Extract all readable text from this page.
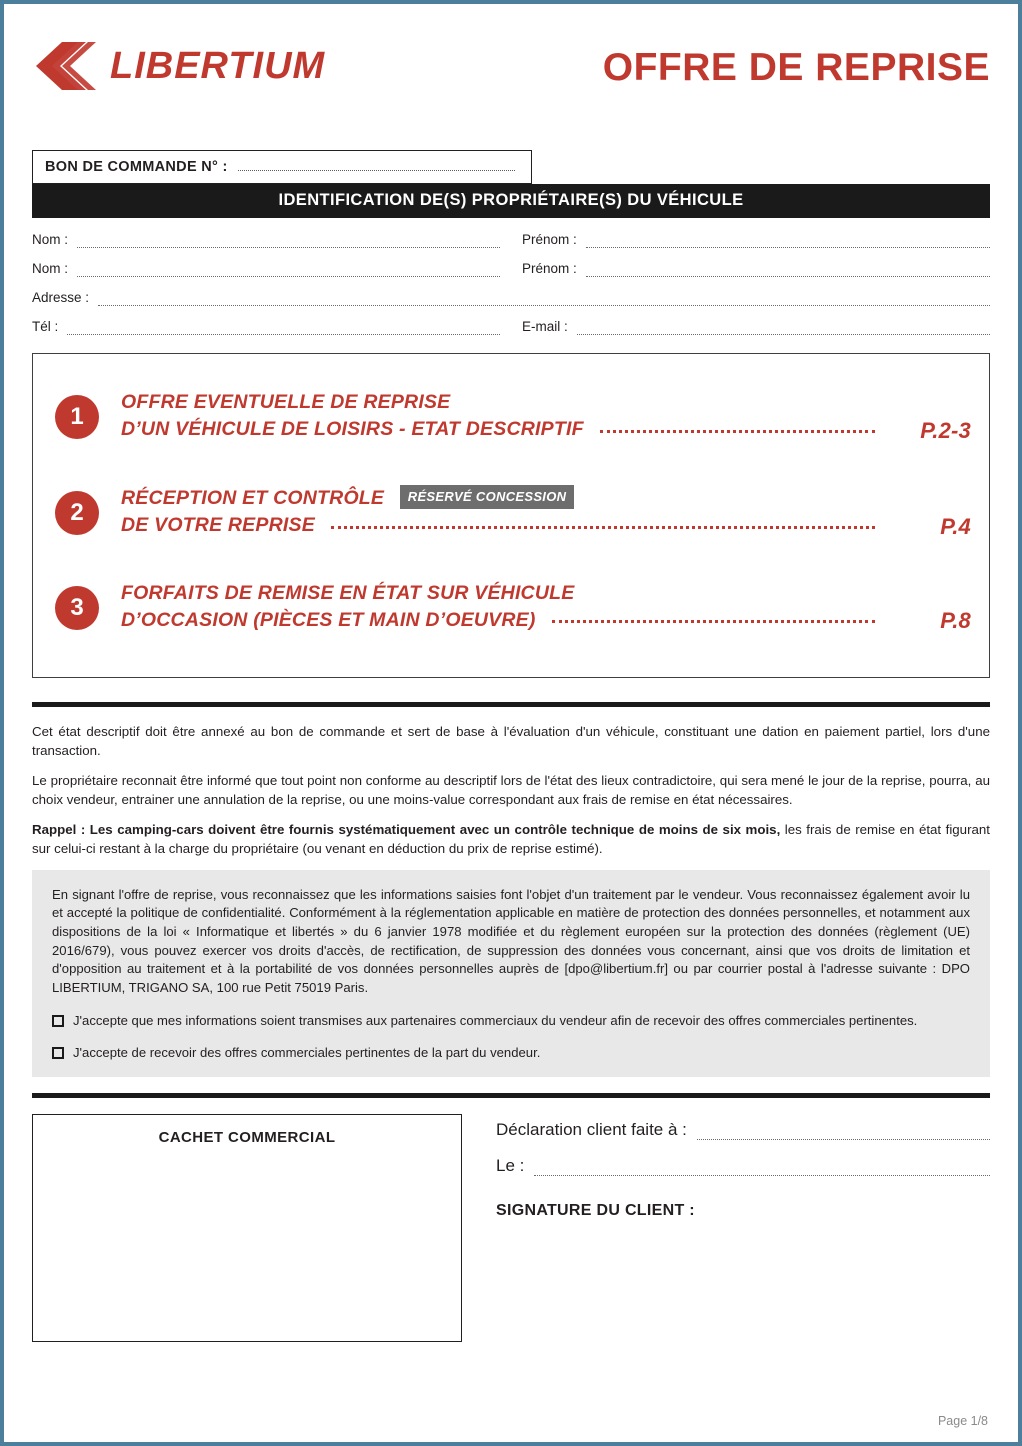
LIBERTIUM	OFFRE DE REPRISE
BON DE COMMANDE N° :
IDENTIFICATION DE(S) PROPRIÉTAIRE(S) DU VÉHICULE
Nom :	Prénom :
Nom :	Prénom :
Adresse :
Tél :	E-mail :
1
OFFRE EVENTUELLE DE REPRISE
D’UN VÉHICULE DE LOISIRS - ETAT DESCRIPTIF	P.2-3
2
RÉCEPTION ET CONTRÔLE RÉSERVÉ CONCESSION
DE VOTRE REPRISE	P.4
3
FORFAITS DE REMISE EN ÉTAT SUR VÉHICULE
D’OCCASION (PIÈCES ET MAIN D’OEUVRE)	P.8

Cet état descriptif doit être annexé au bon de commande et sert de base à l'évaluation d'un véhicule, constituant une dation en paiement partiel, lors d'une transaction.

Le propriétaire reconnait être informé que tout point non conforme au descriptif lors de l'état des lieux contradictoire, qui sera mené le jour de la reprise, pourra, au choix vendeur, entrainer une annulation de la reprise, ou une moins-value correspondant aux frais de remise en état nécessaires.

Rappel : Les camping-cars doivent être fournis systématiquement avec un contrôle technique de moins de six mois, les frais de remise en état figurant sur celui-ci restant à la charge du propriétaire (ou venant en déduction du prix de reprise estimé).

En signant l'offre de reprise, vous reconnaissez que les informations saisies font l'objet d'un traitement par le vendeur. Vous reconnaissez également avoir lu et accepté la politique de confidentialité. Conformément à la réglementation applicable en matière de protection des données personnelles, et notamment aux dispositions de la loi « Informatique et libertés » du 6 janvier 1978 modifiée et du règlement européen sur la protection des données (règlement (UE) 2016/679), vous pouvez exercer vos droits d'accès, de rectification, de suppression des données vous concernant, ainsi que vos droits de limitation et d'opposition au traitement et à la portabilité de vos données personnelles auprès de [dpo@libertium.fr] ou par courrier postal à l'adresse suivante : DPO LIBERTIUM, TRIGANO SA, 100 rue Petit 75019 Paris.

J'accepte que mes informations soient transmises aux partenaires commerciaux du vendeur afin de recevoir des offres commerciales pertinentes.
J'accepte de recevoir des offres commerciales pertinentes de la part du vendeur.
CACHET COMMERCIAL	Déclaration client faite à :
Le :
SIGNATURE DU CLIENT :
Page 1/8
